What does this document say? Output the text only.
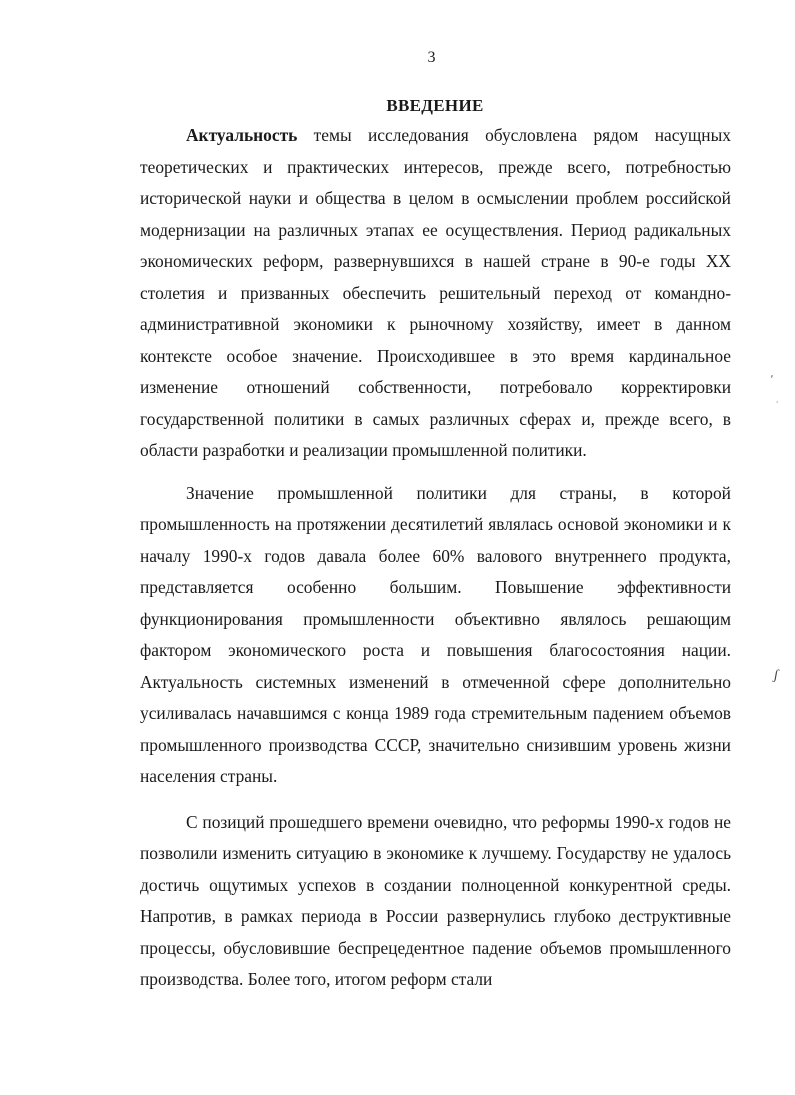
3
ВВЕДЕНИЕ

Актуальность темы исследования обусловлена рядом насущных теоретических и практических интересов, прежде всего, потребностью исторической науки и общества в целом в осмыслении проблем российской модернизации на различных этапах ее осуществления. Период радикальных экономических реформ, развернувшихся в нашей стране в 90-е годы XX столетия и призванных обеспечить решительный переход от командно-административной экономики к рыночному хозяйству, имеет в данном контексте особое значение. Происходившее в это время кардинальное изменение отношений собственности, потребовало корректировки государственной политики в самых различных сферах и, прежде всего, в области разработки и реализации промышленной политики.

Значение промышленной политики для страны, в которой промышленность на протяжении десятилетий являлась основой экономики и к началу 1990-х годов давала более 60% валового внутреннего продукта, представляется особенно большим. Повышение эффективности функционирования промышленности объективно являлось решающим фактором экономического роста и повышения благосостояния нации. Актуальность системных изменений в отмеченной сфере дополнительно усиливалась начавшимся с конца 1989 года стремительным падением объемов промышленного производства СССР, значительно снизившим уровень жизни населения страны.

С позиций прошедшего времени очевидно, что реформы 1990-х годов не позволили изменить ситуацию в экономике к лучшему. Государству не удалось достичь ощутимых успехов в создании полноценной конкурентной среды. Напротив, в рамках периода в России развернулись глубоко деструктивные процессы, обусловившие беспрецедентное падение объемов промышленного производства. Более того, итогом реформ стали

ʹ
·
ʃ
